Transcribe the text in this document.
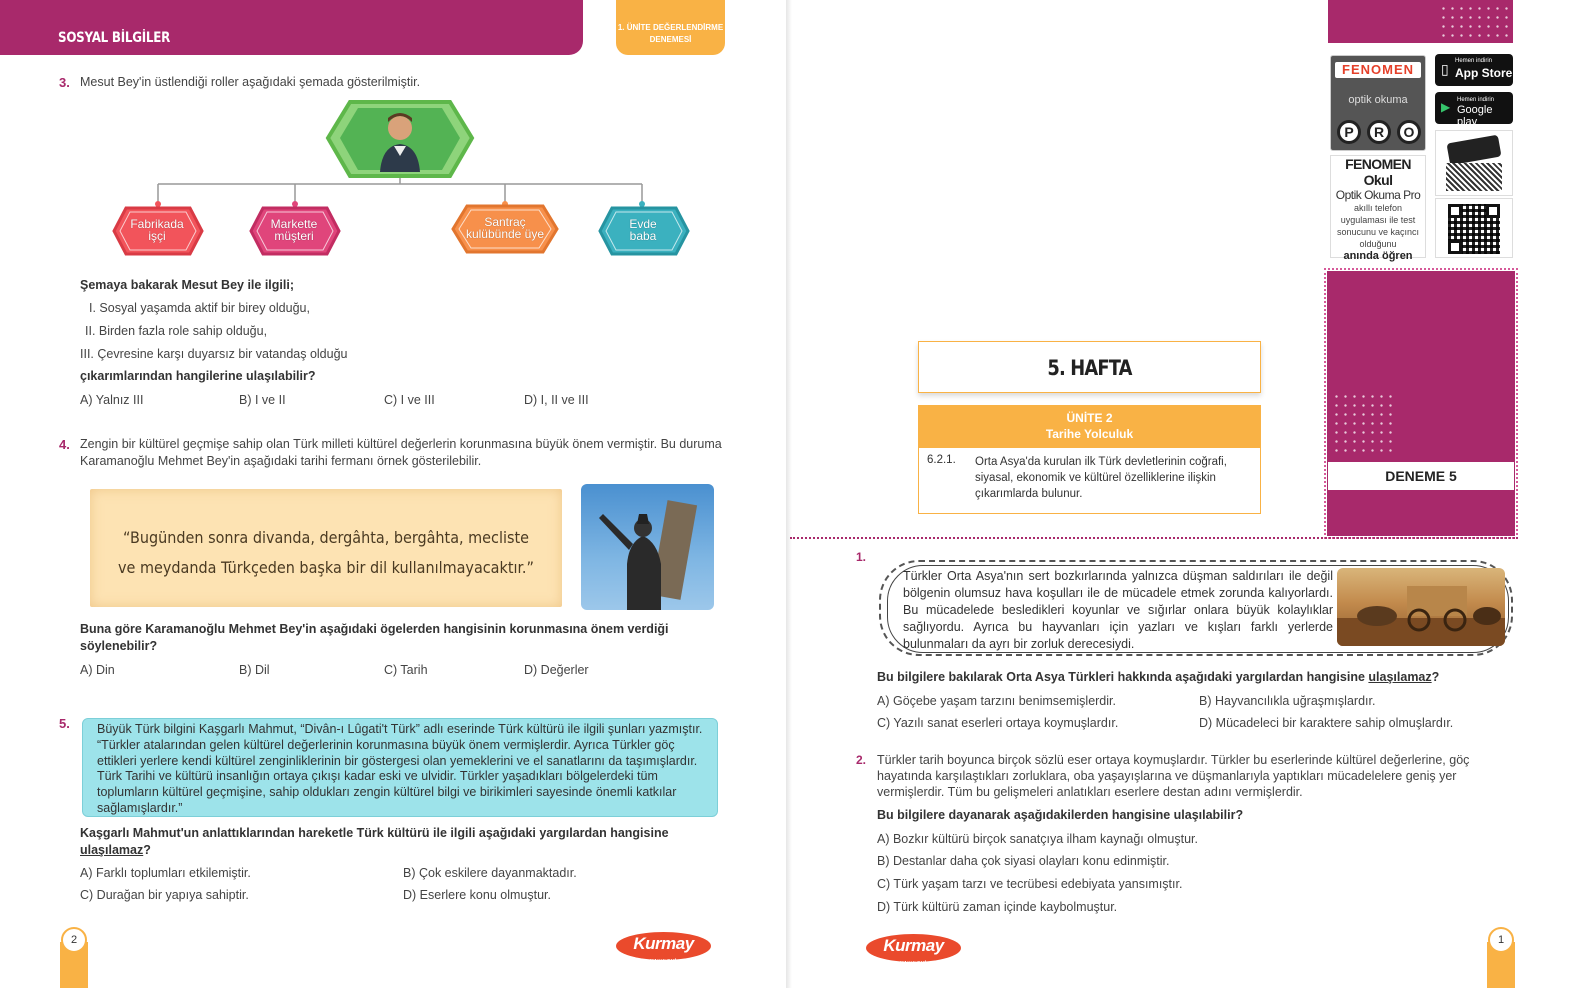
SOSYAL BİLGİLER
1. ÜNİTE DEĞERLENDİRME
DENEMESİ
3. Mesut Bey'in üstlendiği roller aşağıdaki şemada gösterilmiştir.
Fabrikada
işçi
Markette
müşteri
Santraç
kulübünde üye
Evde
baba
Şemaya bakarak Mesut Bey ile ilgili;
I. Sosyal yaşamda aktif bir birey olduğu,
II. Birden fazla role sahip olduğu,
III. Çevresine karşı duyarsız bir vatandaş olduğu
çıkarımlarından hangilerine ulaşılabilir?
A) Yalnız III	B) I ve II	C) I ve III	D) I, II ve III
4. Zengin bir kültürel geçmişe sahip olan Türk milleti kültürel değerlerin korunmasına büyük önem vermiştir. Bu duruma Karamanoğlu Mehmet Bey'in aşağıdaki tarihi fermanı örnek gösterilebilir.
“Bugünden sonra divanda, dergâhta, bergâhta, mecliste
ve meydanda Türkçeden başka bir dil kullanılmayacaktır.”
Buna göre Karamanoğlu Mehmet Bey'in aşağıdaki ögelerden hangisinin korunmasına önem verdiği söylenebilir?
A) Din	B) Dil	C) Tarih	D) Değerler
5.	Büyük Türk bilgini Kaşgarlı Mahmut, “Divân-ı Lûgati't Türk” adlı eserinde Türk kültürü ile ilgili şunları yazmıştır. “Türkler atalarından gelen kültürel değerlerinin korunmasına büyük önem vermişlerdir. Ayrıca Türkler göç ettikleri yerlere kendi kültürel zenginliklerinin bir göstergesi olan yemeklerini ve el sanatlarını da taşımışlardır. Türk Tarihi ve kültürü insanlığın ortaya çıkışı kadar eski ve ulvidir. Türkler yaşadıkları bölgelerdeki tüm toplumların kültürel geçmişine, sahip oldukları zengin kültürel bilgi ve birikimleri sayesinde önemli katkılar sağlamışlardır.”
Kaşgarlı Mahmut'un anlattıklarından hareketle Türk kültürü ile ilgili aşağıdaki yargılardan hangisine ulaşılamaz?
A) Farklı toplumları etkilemiştir.	B) Çok eskilere dayanmaktadır.
C) Durağan bir yapıya sahiptir.	D) Eserlere konu olmuştur.
2	Kurmay
YAYINEVİ
FENOMEN
optik okuma
P	R	O
▯ Hemen indirin
App Store
▶ Hemen indirin
Google play
FENOMEN Okul
Optik Okuma Pro
akıllı telefon uygulaması ile test sonucunu ve kaçıncı olduğunu
anında öğren
DENEME 5
5. HAFTA
ÜNİTE 2
Tarihe Yolculuk
6.2.1. Orta Asya'da kurulan ilk Türk devletlerinin coğrafi, siyasal, ekonomik ve kültürel özelliklerine ilişkin çıkarımlarda bulunur.
1.
Türkler Orta Asya'nın sert bozkırlarında yalnızca düşman saldırıları ile değil bölgenin olumsuz hava koşulları ile de mücadele etmek zorunda kalıyorlardı. Bu mücadelede besledikleri koyunlar ve sığırlar onlara büyük kolaylıklar sağlıyordu. Ayrıca bu hayvanları için yazları ve kışları farklı yerlerde bulunmaları da ayrı bir zorluk derecesiydi.
Bu bilgilere bakılarak Orta Asya Türkleri hakkında aşağıdaki yargılardan hangisine ulaşılamaz?
A) Göçebe yaşam tarzını benimsemişlerdir.	B) Hayvancılıkla uğraşmışlardır.
C) Yazılı sanat eserleri ortaya koymuşlardır.	D) Mücadeleci bir karaktere sahip olmuşlardır.
2. Türkler tarih boyunca birçok sözlü eser ortaya koymuşlardır. Türkler bu eserlerinde kültürel değerlerine, göç hayatında karşılaştıkları zorluklara, oba yaşayışlarına ve düşmanlarıyla yaptıkları mücadelelere geniş yer vermişlerdir. Tüm bu gelişmeleri anlatıkları eserlere destan adını vermişlerdir.
Bu bilgilere dayanarak aşağıdakilerden hangisine ulaşılabilir?
A) Bozkır kültürü birçok sanatçıya ilham kaynağı olmuştur.
B) Destanlar daha çok siyasi olayları konu edinmiştir.
C) Türk yaşam tarzı ve tecrübesi edebiyata yansımıştır.
D) Türk kültürü zaman içinde kaybolmuştur.
Kurmay
YAYINEVİ
1
